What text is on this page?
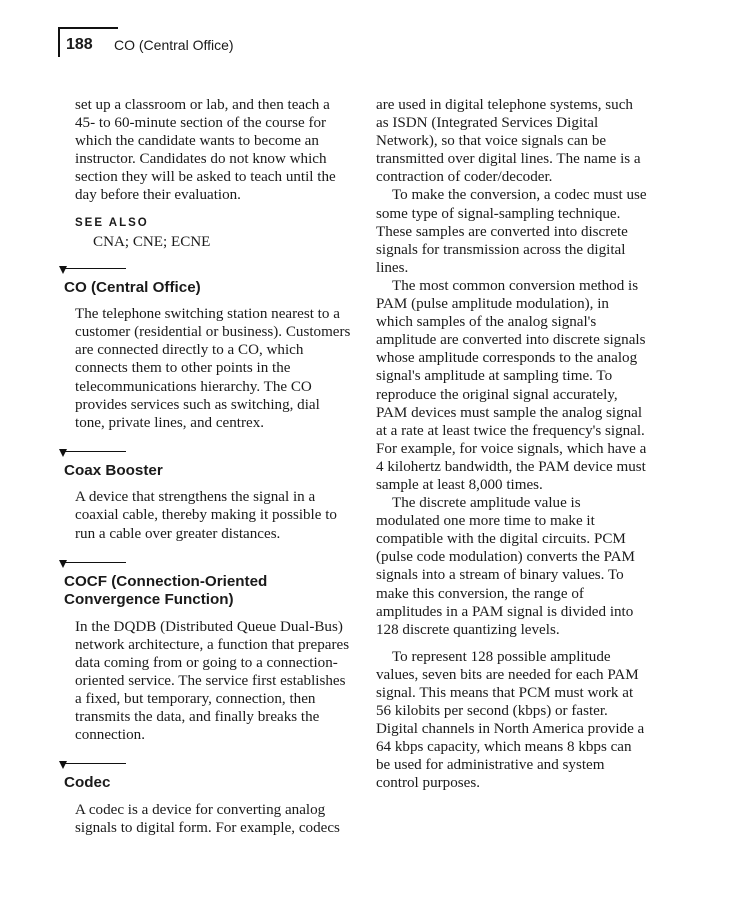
188 CO (Central Office)

set up a classroom or lab, and then teach a 45- to 60-minute section of the course for which the candidate wants to become an instructor. Candidates do not know which section they will be asked to teach until the day before their evaluation.

SEE ALSO
CNA; CNE; ECNE
CO (Central Office)

The telephone switching station nearest to a customer (residential or business). Customers are connected directly to a CO, which connects them to other points in the telecommunications hierarchy. The CO provides services such as switching, dial tone, private lines, and centrex.

Coax Booster

A device that strengthens the signal in a coaxial cable, thereby making it possible to run a cable over greater distances.

COCF (Connection-Oriented Convergence Function)

In the DQDB (Distributed Queue Dual-Bus) network architecture, a function that prepares data coming from or going to a connection-oriented service. The service first establishes a fixed, but temporary, connection, then transmits the data, and finally breaks the connection.

Codec

A codec is a device for converting analog signals to digital form. For example, codecs

are used in digital telephone systems, such as ISDN (Integrated Services Digital Network), so that voice signals can be transmitted over digital lines. The name is a contraction of coder/decoder.

To make the conversion, a codec must use some type of signal-sampling technique. These samples are converted into discrete signals for transmission across the digital lines.

The most common conversion method is PAM (pulse amplitude modulation), in which samples of the analog signal's amplitude are converted into discrete signals whose amplitude corresponds to the analog signal's amplitude at sampling time. To reproduce the original signal accurately, PAM devices must sample the analog signal at a rate at least twice the frequency's signal. For example, for voice signals, which have a 4 kilohertz bandwidth, the PAM device must sample at least 8,000 times.

The discrete amplitude value is modulated one more time to make it compatible with the digital circuits. PCM (pulse code modulation) converts the PAM signals into a stream of binary values. To make this conversion, the range of amplitudes in a PAM signal is divided into 128 discrete quantizing levels.

To represent 128 possible amplitude values, seven bits are needed for each PAM signal. This means that PCM must work at 56 kilobits per second (kbps) or faster. Digital channels in North America provide a 64 kbps capacity, which means 8 kbps can be used for administrative and system control purposes.
